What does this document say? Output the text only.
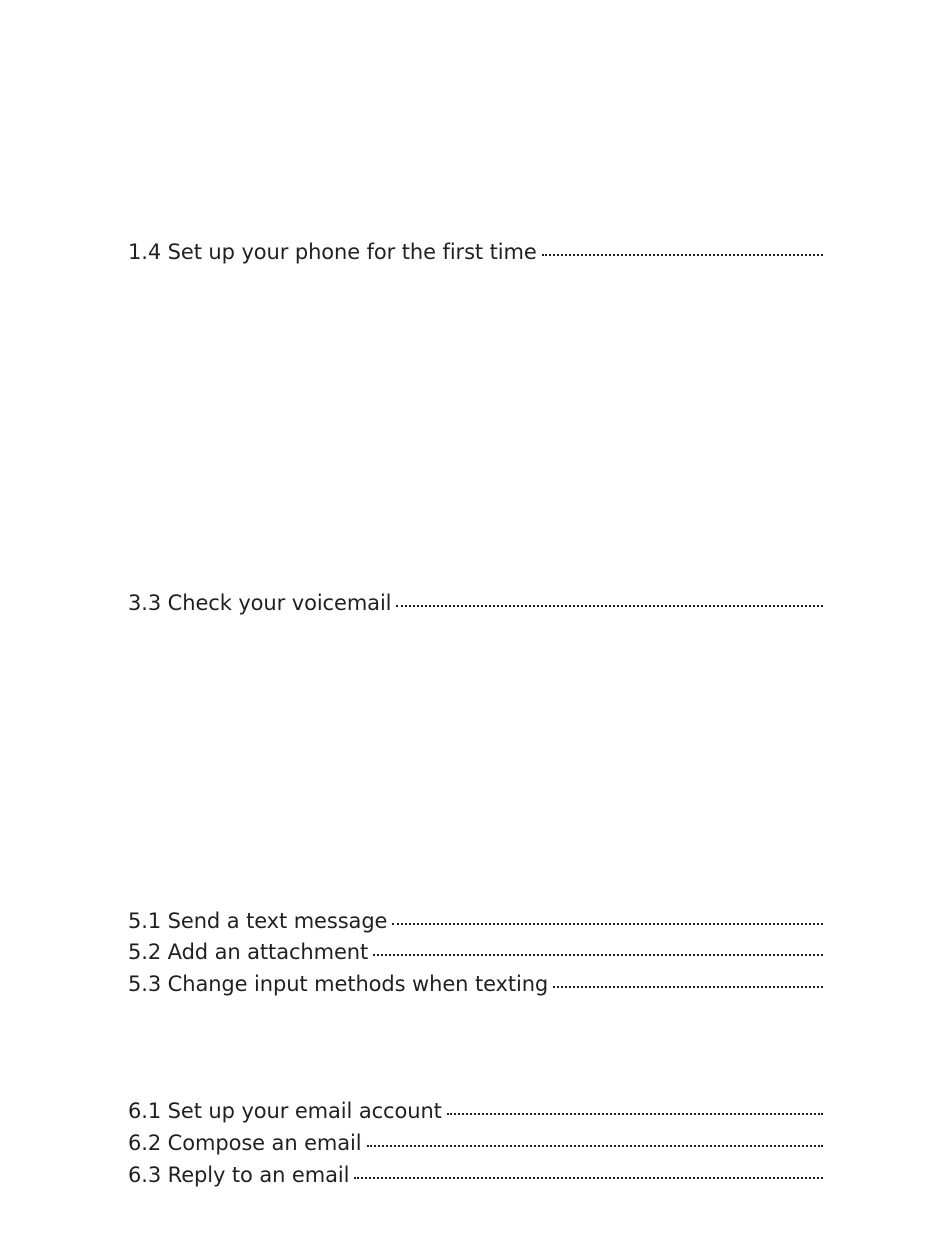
1.4 Set up your phone for the first time
3.3 Check your voicemail
5.1 Send a text message
5.2 Add an attachment
5.3 Change input methods when texting
6.1 Set up your email account
6.2 Compose an email
6.3 Reply to an email
